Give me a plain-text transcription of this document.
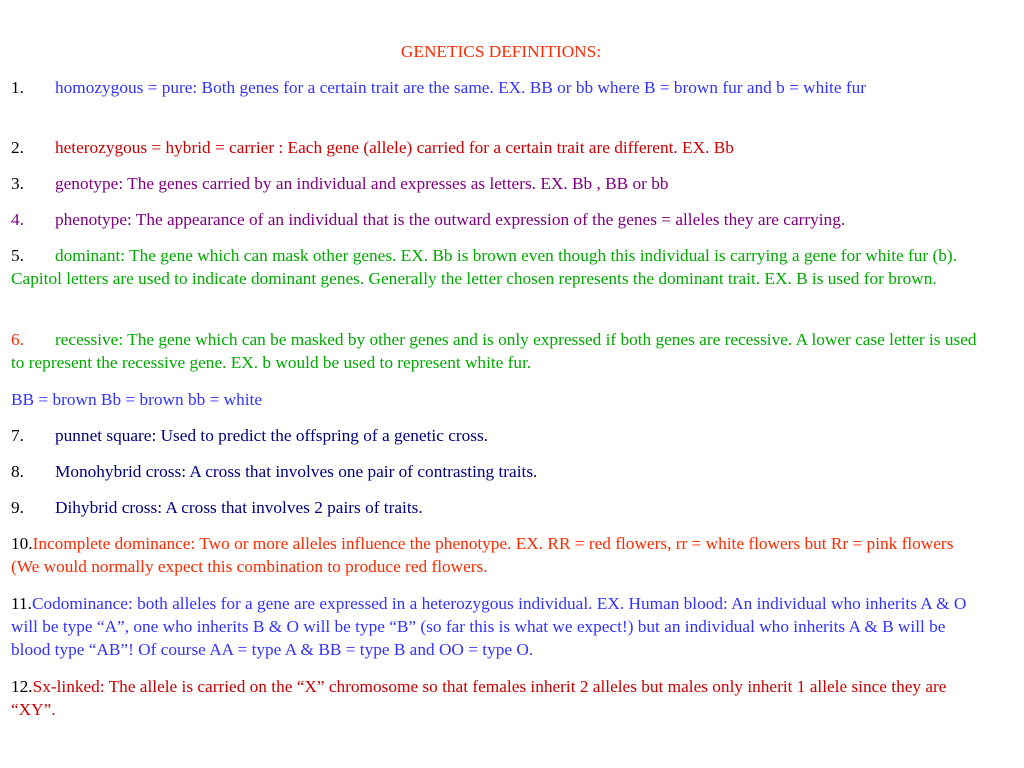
GENETICS DEFINITIONS:

1. homozygous = pure: Both genes for a certain trait are the same. EX. BB or bb where B = brown fur and b = white fur

2. heterozygous = hybrid = carrier : Each gene (allele) carried for a certain trait are different. EX. Bb

3. genotype: The genes carried by an individual and expresses as letters. EX. Bb , BB or bb

4. phenotype: The appearance of an individual that is the outward expression of the genes = alleles they are carrying.

5. dominant: The gene which can mask other genes. EX. Bb is brown even though this individual is carrying a gene for white fur (b). Capitol letters are used to indicate dominant genes. Generally the letter chosen represents the dominant trait. EX. B is used for brown.

6. recessive: The gene which can be masked by other genes and is only expressed if both genes are recessive. A lower case letter is used to represent the recessive gene. EX. b would be used to represent white fur.

BB = brown Bb = brown bb = white

7. punnet square: Used to predict the offspring of a genetic cross.

8. Monohybrid cross: A cross that involves one pair of contrasting traits.

9. Dihybrid cross: A cross that involves 2 pairs of traits.

10.Incomplete dominance: Two or more alleles influence the phenotype. EX. RR = red flowers, rr = white flowers but Rr = pink flowers (We would normally expect this combination to produce red flowers.

11.Codominance: both alleles for a gene are expressed in a heterozygous individual. EX. Human blood: An individual who inherits A & O will be type “A”, one who inherits B & O will be type “B” (so far this is what we expect!) but an individual who inherits A & B will be blood type “AB”! Of course AA = type A & BB = type B and OO = type O.

12.Sx-linked: The allele is carried on the “X” chromosome so that females inherit 2 alleles but males only inherit 1 allele since they are “XY”.
